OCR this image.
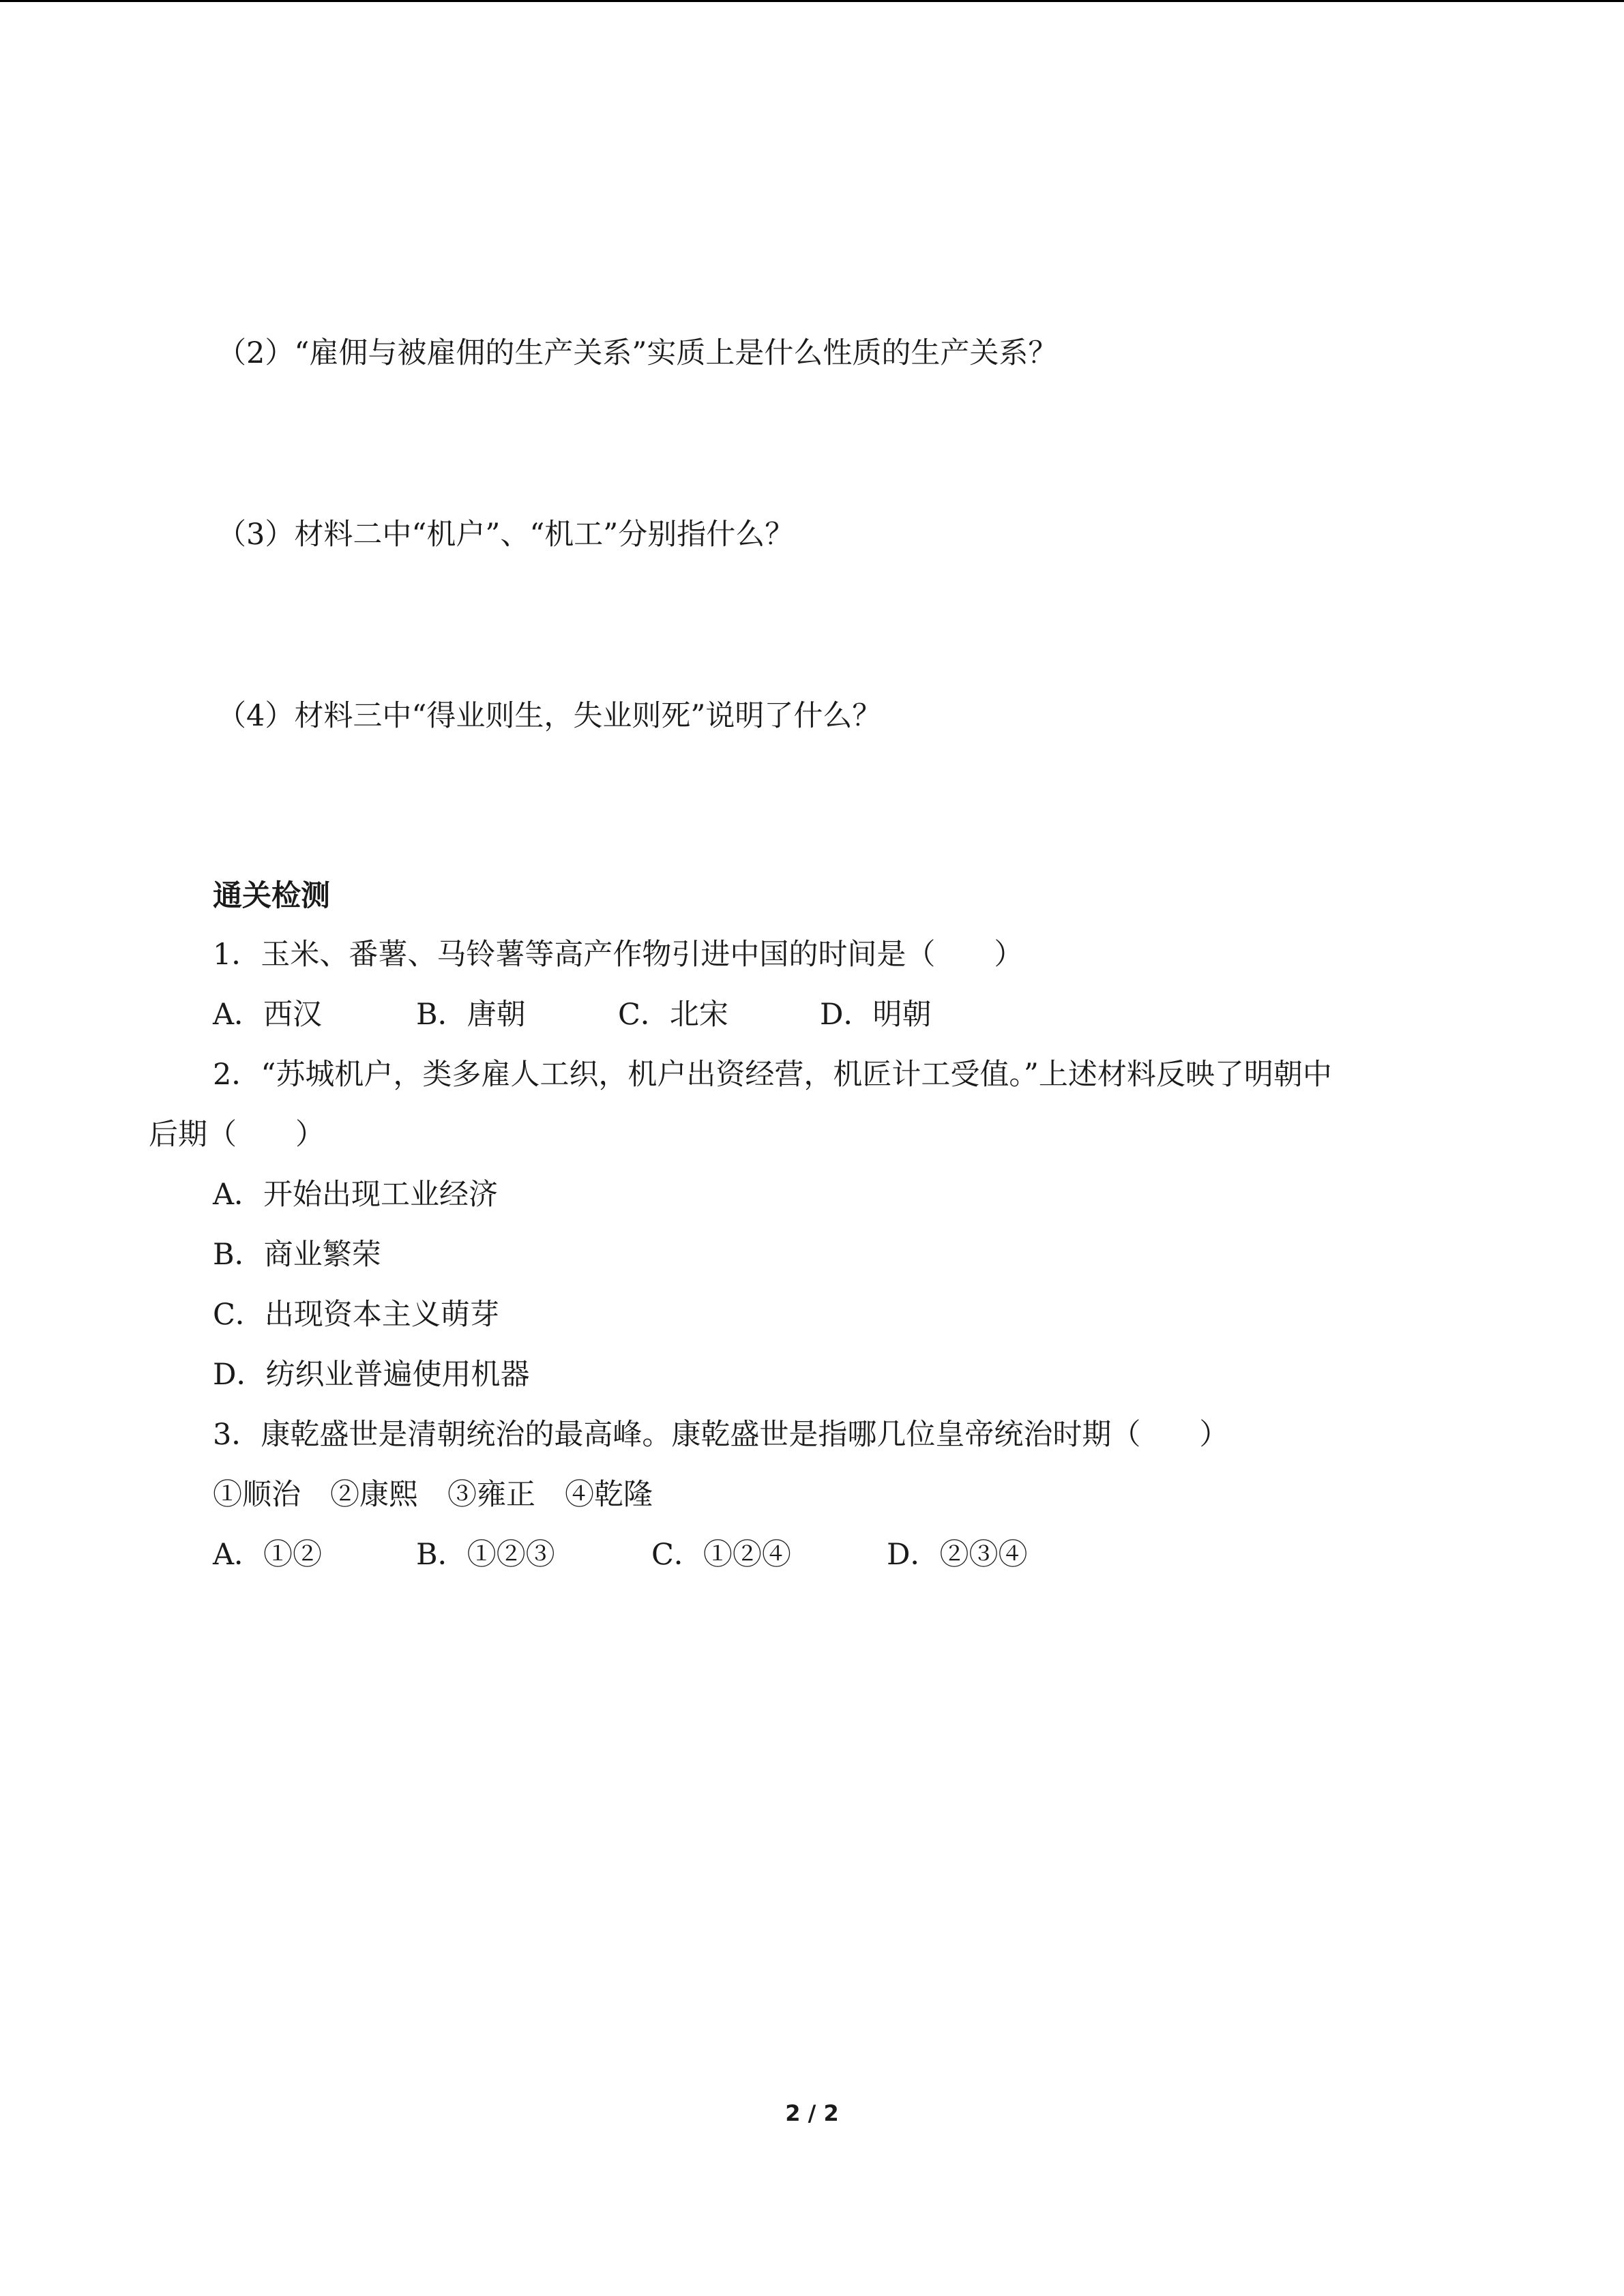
（2）“雇佣与被雇佣的生产关系”实质上是什么性质的生产关系？
（3）材料二中“机户”、“机工”分别指什么？
（4）材料三中“得业则生，失业则死”说明了什么？
通关检测
1．玉米、番薯、马铃薯等高产作物引进中国的时间是（　　）
A．西汉	B．唐朝	C．北宋	D．明朝
2．“苏城机户，类多雇人工织，机户出资经营，机匠计工受值。”上述材料反映了明朝中
后期（　　）
A．开始出现工业经济
B．商业繁荣
C．出现资本主义萌芽
D．纺织业普遍使用机器
3．康乾盛世是清朝统治的最高峰。康乾盛世是指哪几位皇帝统治时期（　　）
①顺治　②康熙　③雍正　④乾隆
A．①②	B．①②③	C．①②④	D．②③④
2 / 2
